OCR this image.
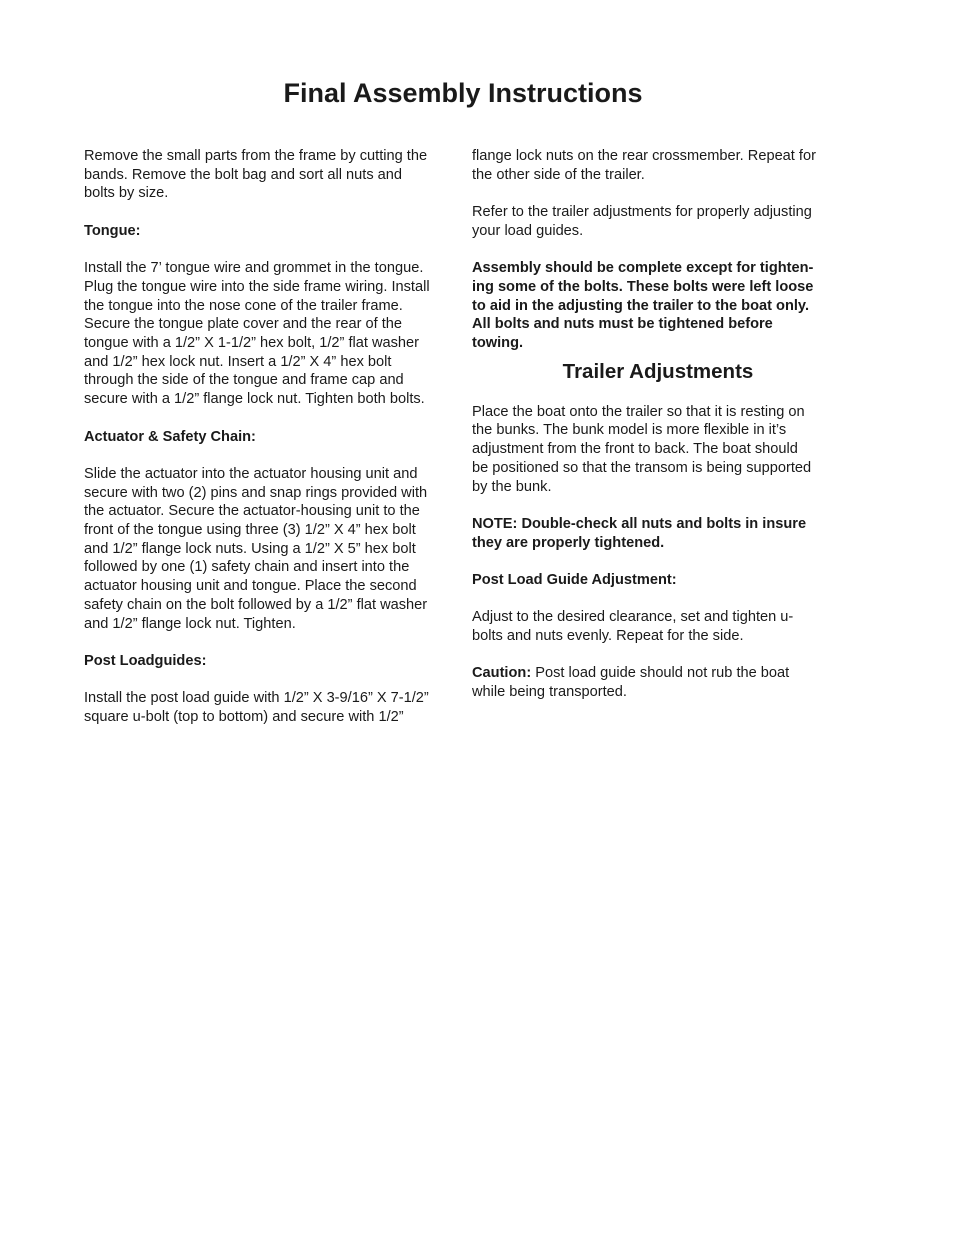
Final Assembly Instructions

Remove the small parts from the frame by cutting the
bands. Remove the bolt bag and sort all nuts and
bolts by size.

Tongue:

Install the 7’ tongue wire and grommet in the tongue.
Plug the tongue wire into the side frame wiring. Install
the tongue into the nose cone of the trailer frame.
Secure the tongue plate cover and the rear of the
tongue with a 1/2” X 1-1/2” hex bolt, 1/2” flat washer
and 1/2” hex lock nut. Insert a 1/2” X 4” hex bolt
through the side of the tongue and frame cap and
secure with a 1/2” flange lock nut. Tighten both bolts.

Actuator & Safety Chain:

Slide the actuator into the actuator housing unit and
secure with two (2) pins and snap rings provided with
the actuator. Secure the actuator-housing unit to the
front of the tongue using three (3) 1/2” X 4” hex bolt
and 1/2” flange lock nuts. Using a 1/2” X 5” hex bolt
followed by one (1) safety chain and insert into the
actuator housing unit and tongue. Place the second
safety chain on the bolt followed by a 1/2” flat washer
and 1/2” flange lock nut. Tighten.

Post Loadguides:

Install the post load guide with 1/2” X 3-9/16” X 7-1/2”
square u-bolt (top to bottom) and secure with 1/2”

flange lock nuts on the rear crossmember. Repeat for
the other side of the trailer.

Refer to the trailer adjustments for properly adjusting
your load guides.

Assembly should be complete except for tighten-
ing some of the bolts. These bolts were left loose
to aid in the adjusting the trailer to the boat only.
All bolts and nuts must be tightened before
towing.

Trailer Adjustments

Place the boat onto the trailer so that it is resting on
the bunks. The bunk model is more flexible in it’s
adjustment from the front to back. The boat should
be positioned so that the transom is being supported
by the bunk.

NOTE: Double-check all nuts and bolts in insure
they are properly tightened.

Post Load Guide Adjustment:

Adjust to the desired clearance, set and tighten u-
bolts and nuts evenly. Repeat for the side.

Caution: Post load guide should not rub the boat
while being transported.
